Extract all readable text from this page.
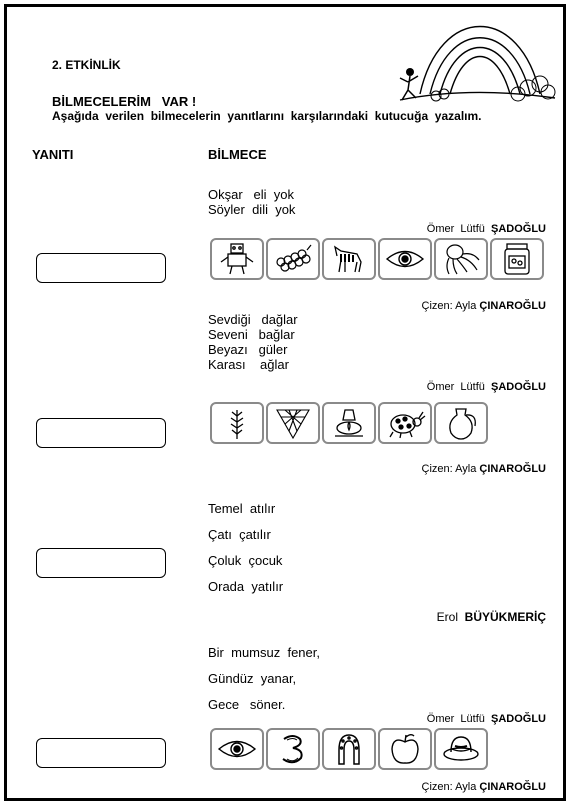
2. ETKİNLİK
BİLMECELERİM   VAR !
Aşağıda  verilen  bilmecelerin  yanıtlarını  karşılarındaki  kutucuğa  yazalım.
YANITI	BİLMECE
Okşar   eli  yok
Söyler  dili  yok
Ömer  Lütfü ŞADOĞLU
Çizen: Ayla ÇINAROĞLU
Sevdiği   dağlar
Seveni   bağlar
Beyazı   güler
Karası    ağlar
Ömer  Lütfü ŞADOĞLU
Çizen: Ayla ÇINAROĞLU
Temel  atılır
Çatı  çatılır
Çoluk  çocuk
Orada  yatılır
Erol BÜYÜKMERİÇ
Bir  mumsuz  fener,
Gündüz  yanar,
Gece   söner.
Ömer  Lütfü ŞADOĞLU
Çizen: Ayla ÇINAROĞLU
